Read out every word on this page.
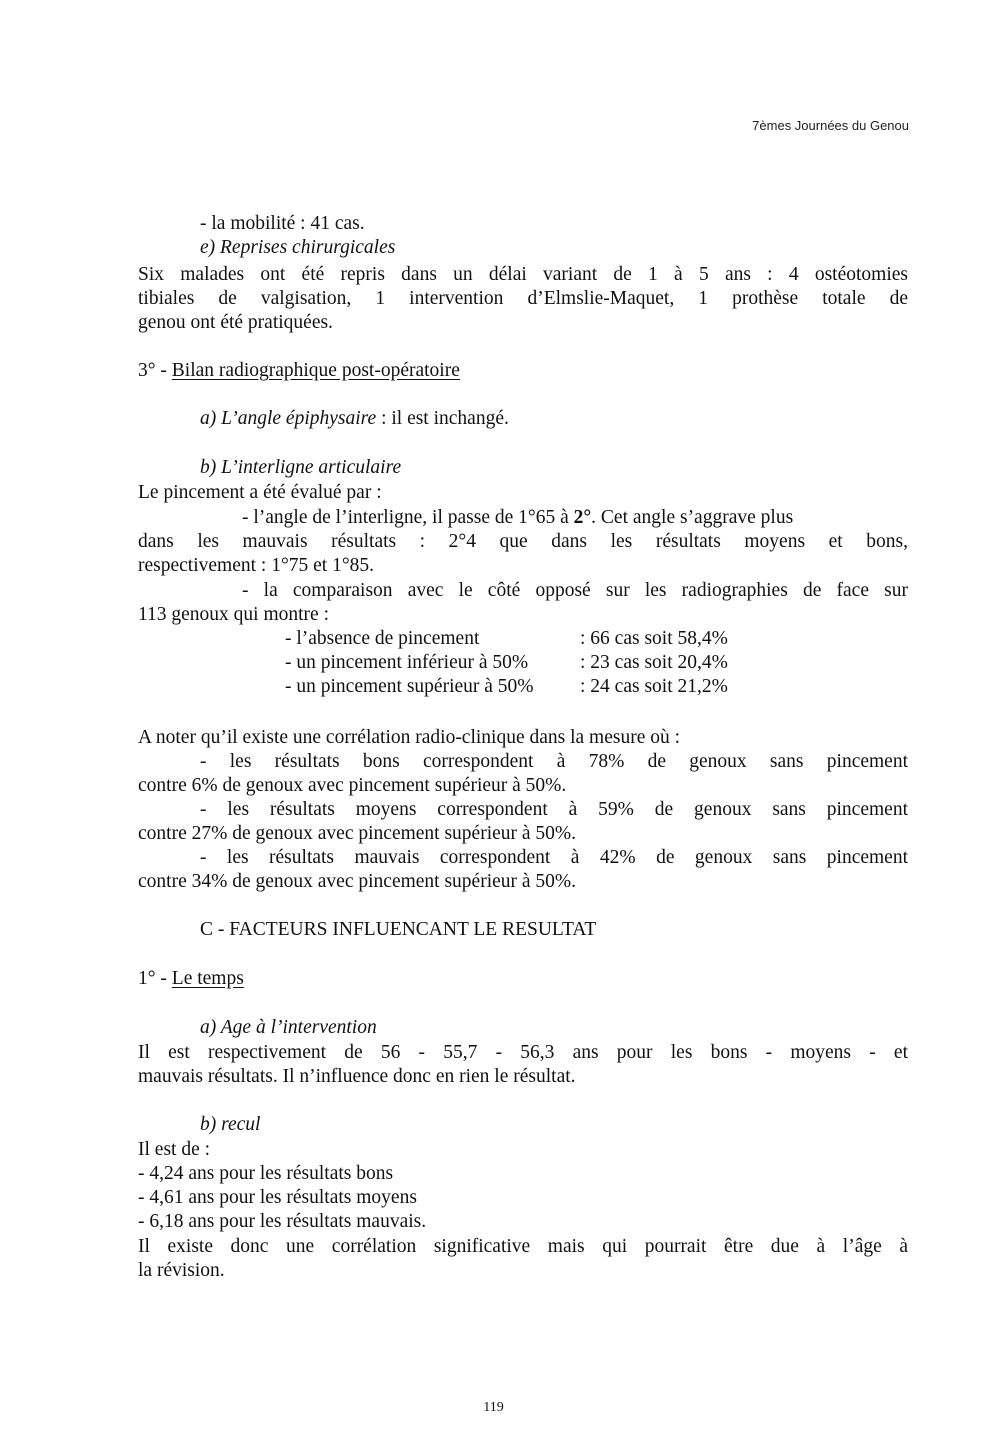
7èmes Journées du Genou
- la mobilité : 41 cas.
e) Reprises chirurgicales
Six malades ont été repris dans un délai variant de 1 à 5 ans : 4 ostéotomies
tibiales de valgisation, 1 intervention d’Elmslie-Maquet, 1 prothèse totale de
genou ont été pratiquées.
3° - Bilan radiographique post-opératoire
a) L’angle épiphysaire : il est inchangé.
b) L’interligne articulaire
Le pincement a été évalué par :
- l’angle de l’interligne, il passe de 1°65 à 2°. Cet angle s’aggrave plus
dans les mauvais résultats : 2°4 que dans les résultats moyens et bons,
respectivement : 1°75 et 1°85.
- la comparaison avec le côté opposé sur les radiographies de face sur
113 genoux qui montre :
- l’absence de pincement	: 66 cas soit 58,4%
- un pincement inférieur à 50%	: 23 cas soit 20,4%
- un pincement supérieur à 50% : 24 cas soit 21,2%
A noter qu’il existe une corrélation radio-clinique dans la mesure où :
- les résultats bons correspondent à 78% de genoux sans pincement
contre 6% de genoux avec pincement supérieur à 50%.
- les résultats moyens correspondent à 59% de genoux sans pincement
contre 27% de genoux avec pincement supérieur à 50%.
- les résultats mauvais correspondent à 42% de genoux sans pincement
contre 34% de genoux avec pincement supérieur à 50%.
C - FACTEURS INFLUENCANT LE RESULTAT
1° - Le temps
a) Age à l’intervention
Il est respectivement de 56 - 55,7 - 56,3 ans pour les bons - moyens - et
mauvais résultats. Il n’influence donc en rien le résultat.
b) recul
Il est de :
- 4,24 ans pour les résultats bons
- 4,61 ans pour les résultats moyens
- 6,18 ans pour les résultats mauvais.
Il existe donc une corrélation significative mais qui pourrait être due à l’âge à
la révision.
119
